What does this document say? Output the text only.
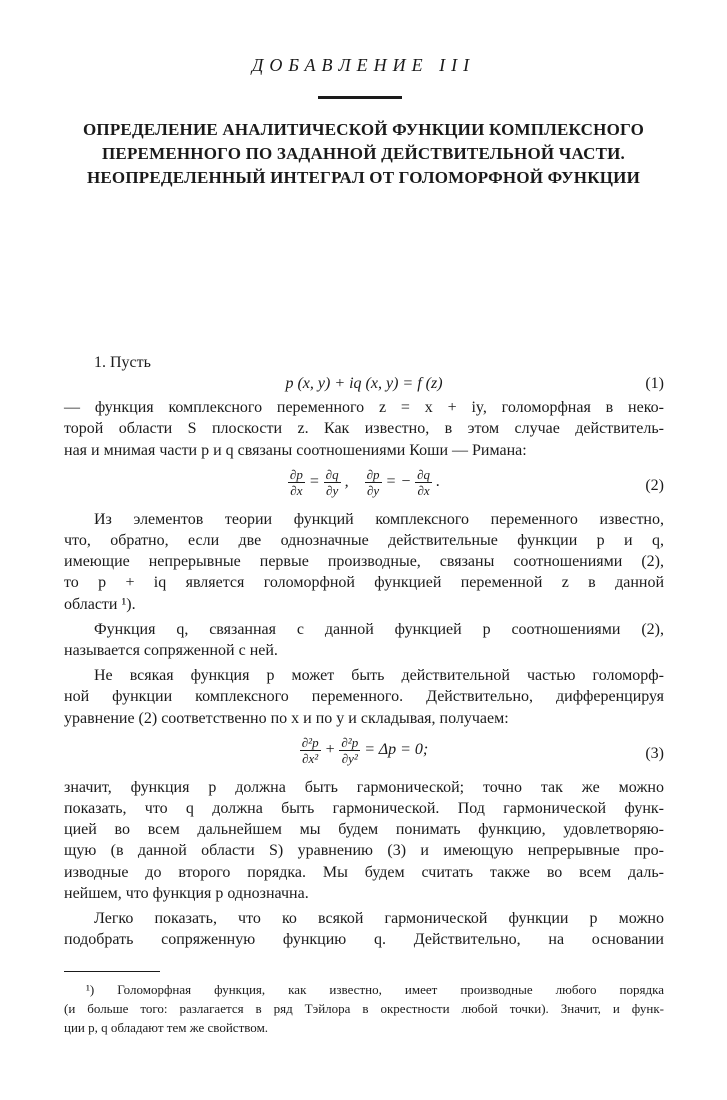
ДОБАВЛЕНИЕ III
ОПРЕДЕЛЕНИЕ АНАЛИТИЧЕСКОЙ ФУНКЦИИ КОМПЛЕКСНОГО
ПЕРЕМЕННОГО ПО ЗАДАННОЙ ДЕЙСТВИТЕЛЬНОЙ ЧАСТИ.
НЕОПРЕДЕЛЕННЫЙ ИНТЕГРАЛ ОТ ГОЛОМОРФНОЙ ФУНКЦИИ

1. Пусть

p (x, y) + iq (x, y) = f (z)	(1)

— функция комплексного переменного z = x + iy, голоморфная в неко-
торой области S плоскости z. Как известно, в этом случае действитель-
ная и мнимая части p и q связаны соотношениями Коши — Римана:

$\frac{\partial p}{\partial x} = \frac{\partial q}{\partial y}$ , $\frac{\partial p}{\partial y}$ = − $\frac{\partial q}{\partial x}$ .	(2)

Из элементов теории функций комплексного переменного известно,
что, обратно, если две однозначные действительные функции p и q,
имеющие непрерывные первые производные, связаны соотношениями (2),
то p + iq является голоморфной функцией переменной z в данной
области ¹).

Функция q, связанная с данной функцией p соотношениями (2),
называется сопряженной с ней.

Не всякая функция p может быть действительной частью голоморф-
ной функции комплексного переменного. Действительно, дифференцируя
уравнение (2) соответственно по x и по y и складывая, получаем:

$\frac{\text{∂²p}}{\text{∂x²}} + \frac{\text{∂²p}}{\text{∂y²}} = \Delta p = 0$;	(3)

значит, функция p должна быть гармонической; точно так же можно
показать, что q должна быть гармонической. Под гармонической функ-
цией во всем дальнейшем мы будем понимать функцию, удовлетворяю-
щую (в данной области S) уравнению (3) и имеющую непрерывные про-
изводные до второго порядка. Мы будем считать также во всем даль-
нейшем, что функция p однозначна.

Легко показать, что ко всякой гармонической функции p можно
подобрать сопряженную функцию q. Действительно, на основании

¹) Голоморфная функция, как известно, имеет производные любого порядка
(и больше того: разлагается в ряд Тэйлора в окрестности любой точки). Значит, и функ-
ции p, q обладают тем же свойством.
